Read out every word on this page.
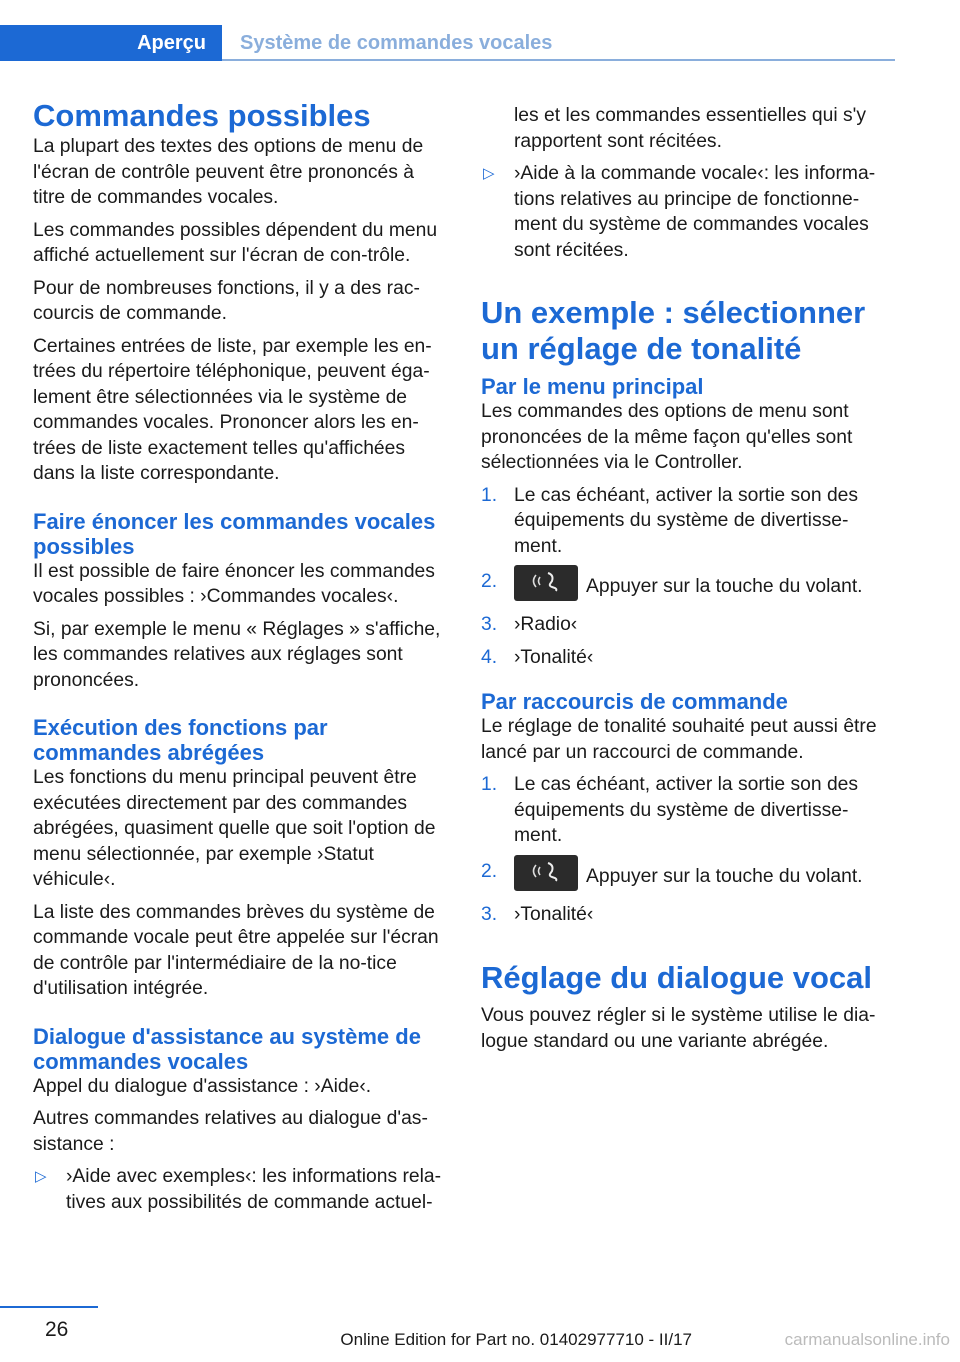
Aperçu	Système de commandes vocales
Commandes possibles

La plupart des textes des options de menu de l'écran de contrôle peuvent être prononcés à titre de commandes vocales.

Les commandes possibles dépendent du menu affiché actuellement sur l'écran de con‐trôle.

Pour de nombreuses fonctions, il y a des rac‐courcis de commande.

Certaines entrées de liste, par exemple les en‐trées du répertoire téléphonique, peuvent éga‐lement être sélectionnées via le système de commandes vocales. Prononcer alors les en‐trées de liste exactement telles qu'affichées dans la liste correspondante.

Faire énoncer les commandes vocales possibles

Il est possible de faire énoncer les commandes vocales possibles : ›Commandes vocales‹.

Si, par exemple le menu « Réglages » s'affiche, les commandes relatives aux réglages sont prononcées.

Exécution des fonctions par commandes abrégées

Les fonctions du menu principal peuvent être exécutées directement par des commandes abrégées, quasiment quelle que soit l'option de menu sélectionnée, par exemple ›Statut véhicule‹.

La liste des commandes brèves du système de commande vocale peut être appelée sur l'écran de contrôle par l'intermédiaire de la no‐tice d'utilisation intégrée.

Dialogue d'assistance au système de commandes vocales

Appel du dialogue d'assistance : ›Aide‹.

Autres commandes relatives au dialogue d'as‐sistance :

▷ ›Aide avec exemples‹: les informations rela‐tives aux possibilités de commande actuel‐
les et les commandes essentielles qui s'y rapportent sont récitées.
▷ ›Aide à la commande vocale‹: les informa‐tions relatives au principe de fonctionne‐ment du système de commandes vocales sont récitées.
Un exemple : sélectionner un réglage de tonalité
Par le menu principal

Les commandes des options de menu sont prononcées de la même façon qu'elles sont sélectionnées via le Controller.

1. Le cas échéant, activer la sortie son des équipements du système de divertisse‐ment.
2.	Appuyer sur la touche du volant.
3. ›Radio‹
4. ›Tonalité‹
Par raccourcis de commande

Le réglage de tonalité souhaité peut aussi être lancé par un raccourci de commande.

1. Le cas échéant, activer la sortie son des équipements du système de divertisse‐ment.
2.	Appuyer sur la touche du volant.
3. ›Tonalité‹
Réglage du dialogue vocal

Vous pouvez régler si le système utilise le dia‐logue standard ou une variante abrégée.

26	Online Edition for Part no. 01402977710 - II/17	carmanualsonline.info
